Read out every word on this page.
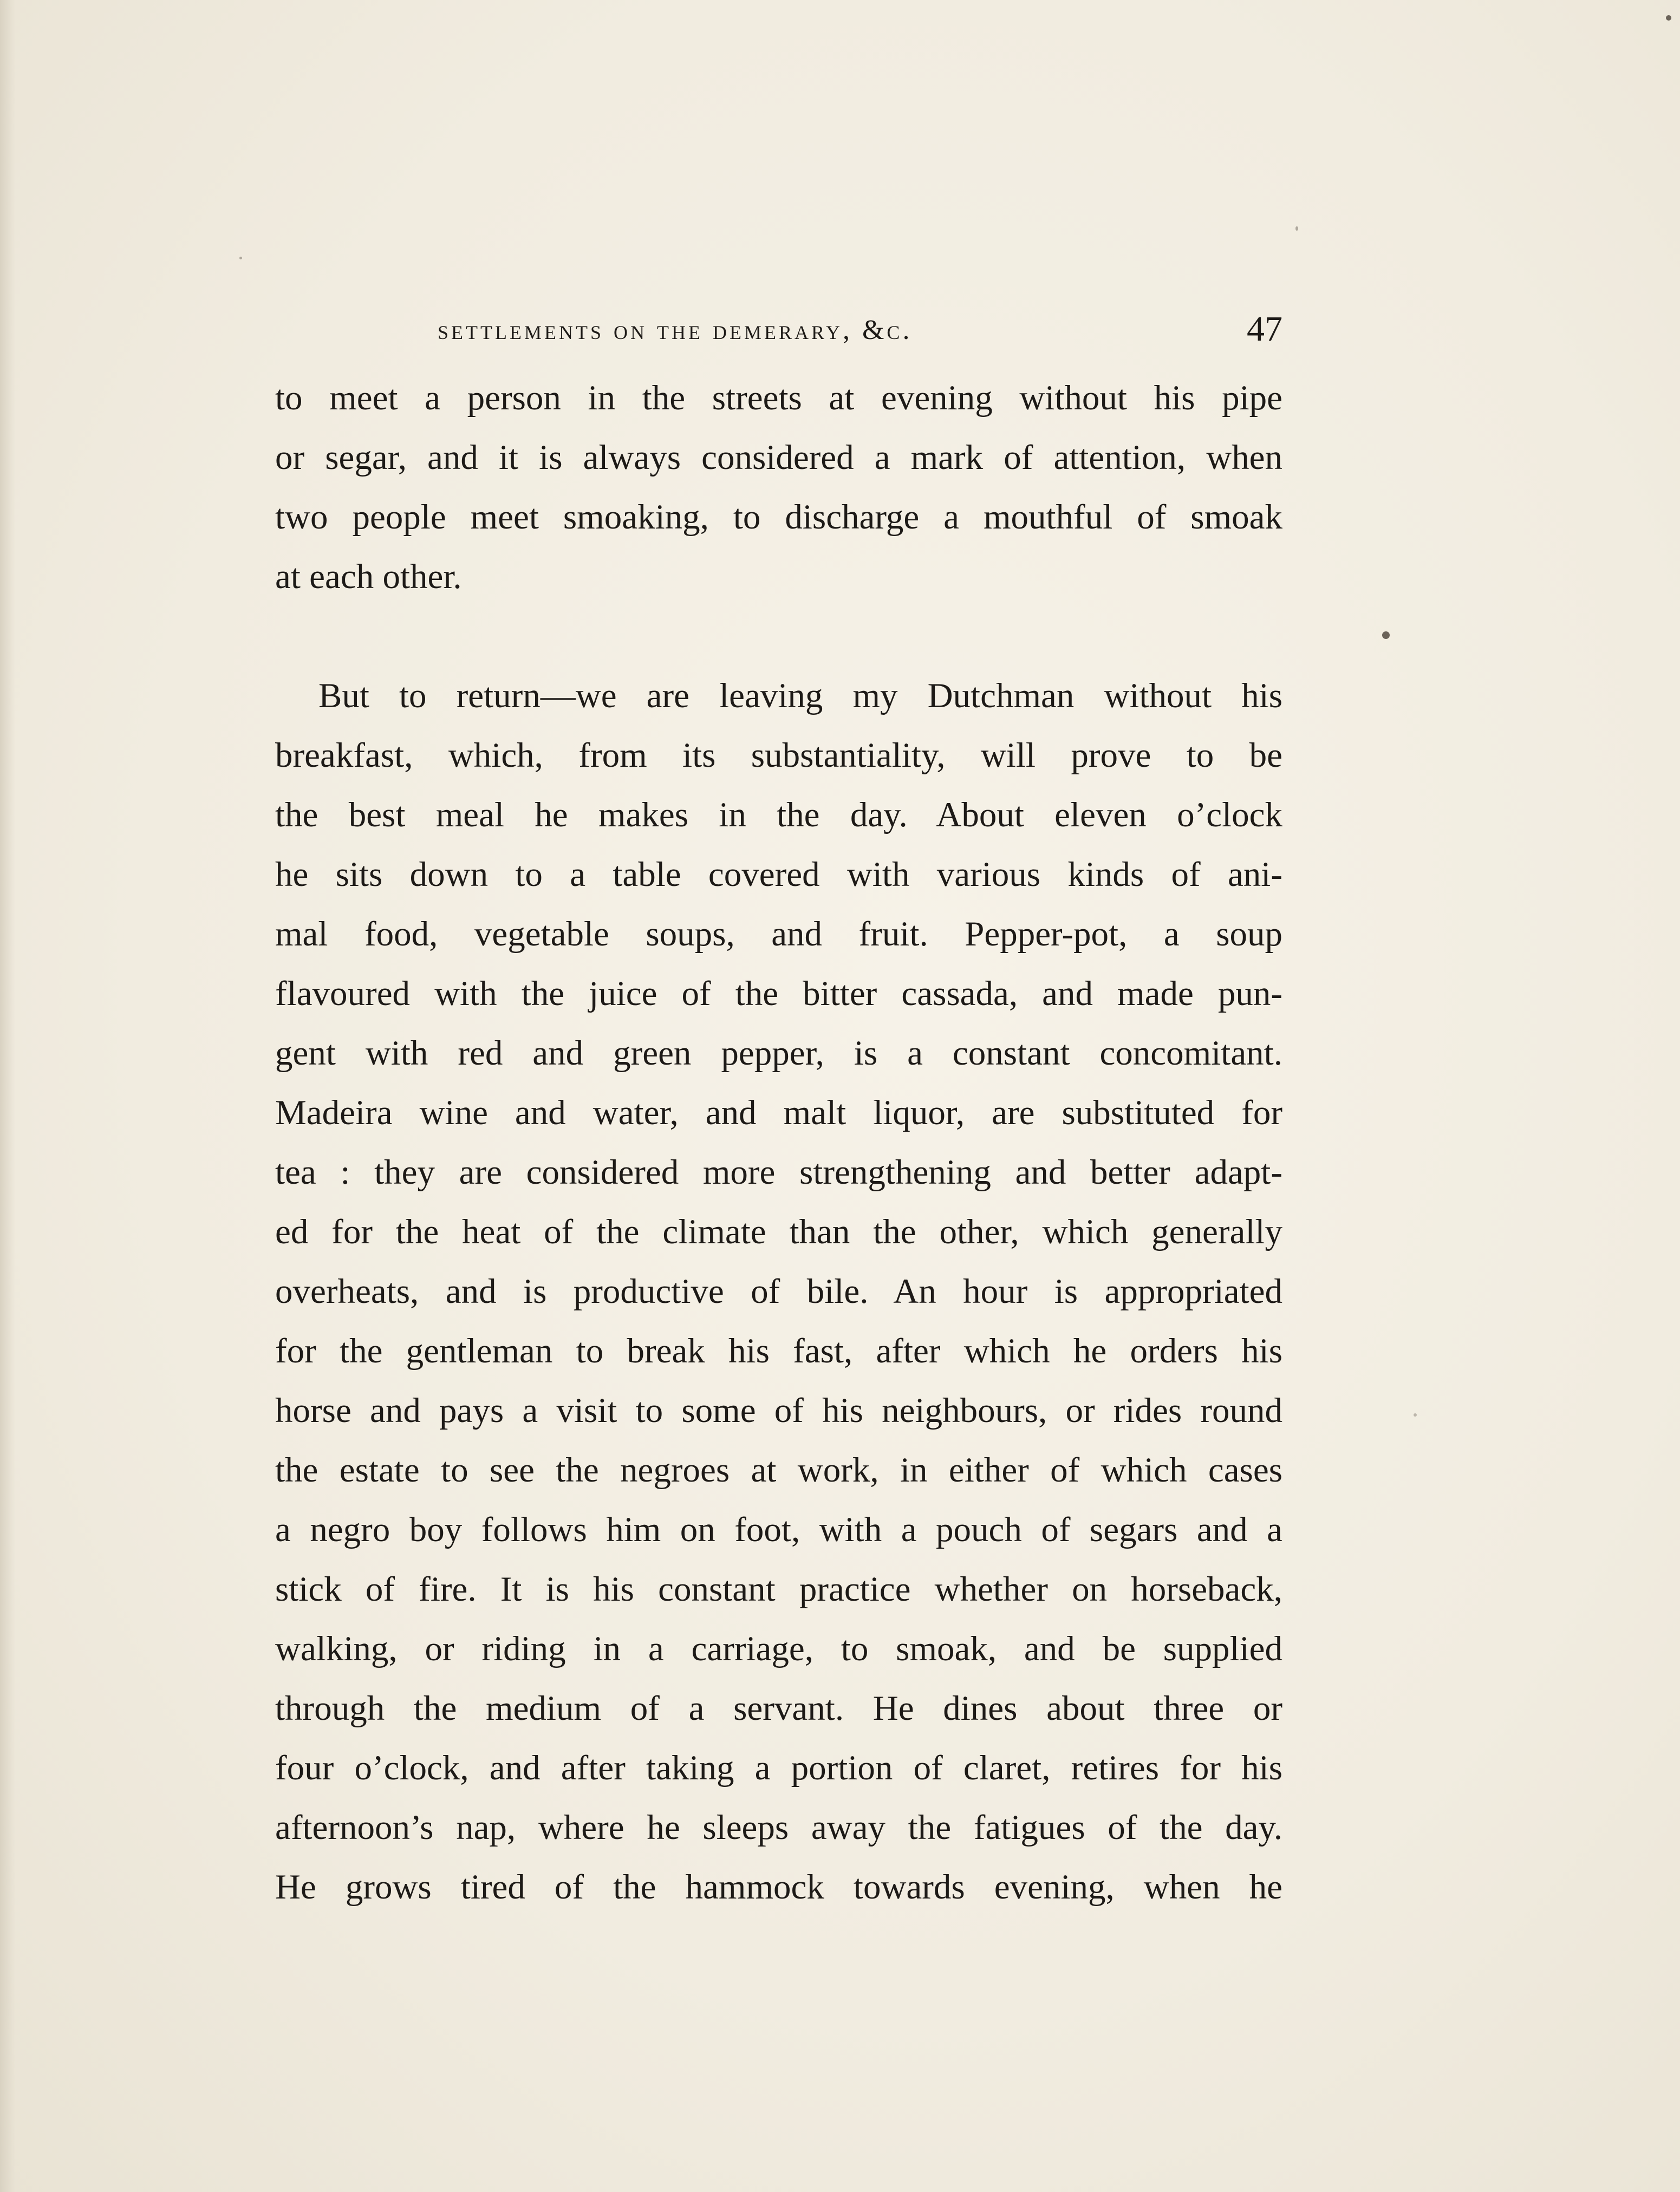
settlements on the demerary, &c.	47
to meet a person in the streets at evening without his pipe
or segar, and it is always considered a mark of attention, when
two people meet smoaking, to discharge a mouthful of smoak
at each other.
But to return—we are leaving my Dutchman without his
breakfast, which, from its substantiality, will prove to be
the best meal he makes in the day. About eleven o’clock
he sits down to a table covered with various kinds of ani-
mal food, vegetable soups, and fruit. Pepper-pot, a soup
flavoured with the juice of the bitter cassada, and made pun-
gent with red and green pepper, is a constant concomitant.
Madeira wine and water, and malt liquor, are substituted for
tea : they are considered more strengthening and better adapt-
ed for the heat of the climate than the other, which generally
overheats, and is productive of bile. An hour is appropriated
for the gentleman to break his fast, after which he orders his
horse and pays a visit to some of his neighbours, or rides round
the estate to see the negroes at work, in either of which cases
a negro boy follows him on foot, with a pouch of segars and a
stick of fire. It is his constant practice whether on horseback,
walking, or riding in a carriage, to smoak, and be supplied
through the medium of a servant. He dines about three or
four o’clock, and after taking a portion of claret, retires for his
afternoon’s nap, where he sleeps away the fatigues of the day.
He grows tired of the hammock towards evening, when he
